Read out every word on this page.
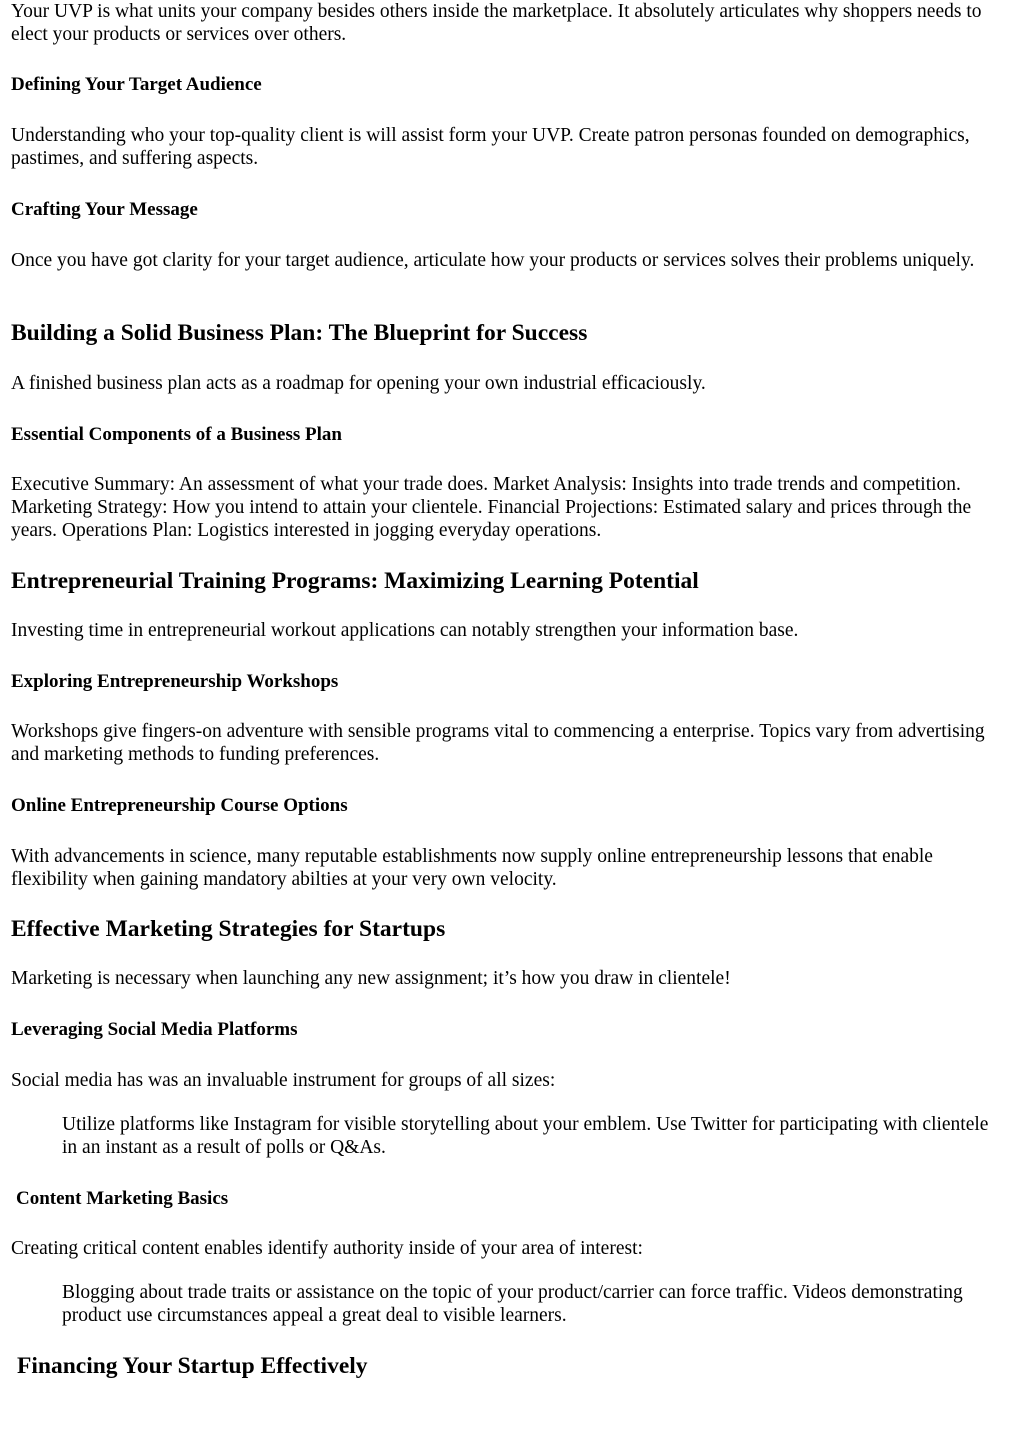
Your UVP is what units your company besides others inside the marketplace. It absolutely articulates why shoppers needs to elect your products or services over others.

Defining Your Target Audience

Understanding who your top-quality client is will assist form your UVP. Create patron personas founded on demographics, pastimes, and suffering aspects.

Crafting Your Message

Once you have got clarity for your target audience, articulate how your products or services solves their problems uniquely.

Building a Solid Business Plan: The Blueprint for Success

A finished business plan acts as a roadmap for opening your own industrial efficaciously.

Essential Components of a Business Plan

Executive Summary: An assessment of what your trade does. Market Analysis: Insights into trade trends and competition. Marketing Strategy: How you intend to attain your clientele. Financial Projections: Estimated salary and prices through the years. Operations Plan: Logistics interested in jogging everyday operations.

Entrepreneurial Training Programs: Maximizing Learning Potential

Investing time in entrepreneurial workout applications can notably strengthen your information base.

Exploring Entrepreneurship Workshops

Workshops give fingers-on adventure with sensible programs vital to commencing a enterprise. Topics vary from advertising and marketing methods to funding preferences.

Online Entrepreneurship Course Options

With advancements in science, many reputable establishments now supply online entrepreneurship lessons that enable flexibility when gaining mandatory abilties at your very own velocity.

Effective Marketing Strategies for Startups

Marketing is necessary when launching any new assignment; it’s how you draw in clientele!

Leveraging Social Media Platforms

Social media has was an invaluable instrument for groups of all sizes:

Utilize platforms like Instagram for visible storytelling about your emblem. Use Twitter for participating with clientele in an instant as a result of polls or Q&As.

Content Marketing Basics

Creating critical content enables identify authority inside of your area of interest:

Blogging about trade traits or assistance on the topic of your product/carrier can force traffic. Videos demonstrating product use circumstances appeal a great deal to visible learners.

Financing Your Startup Effectively
